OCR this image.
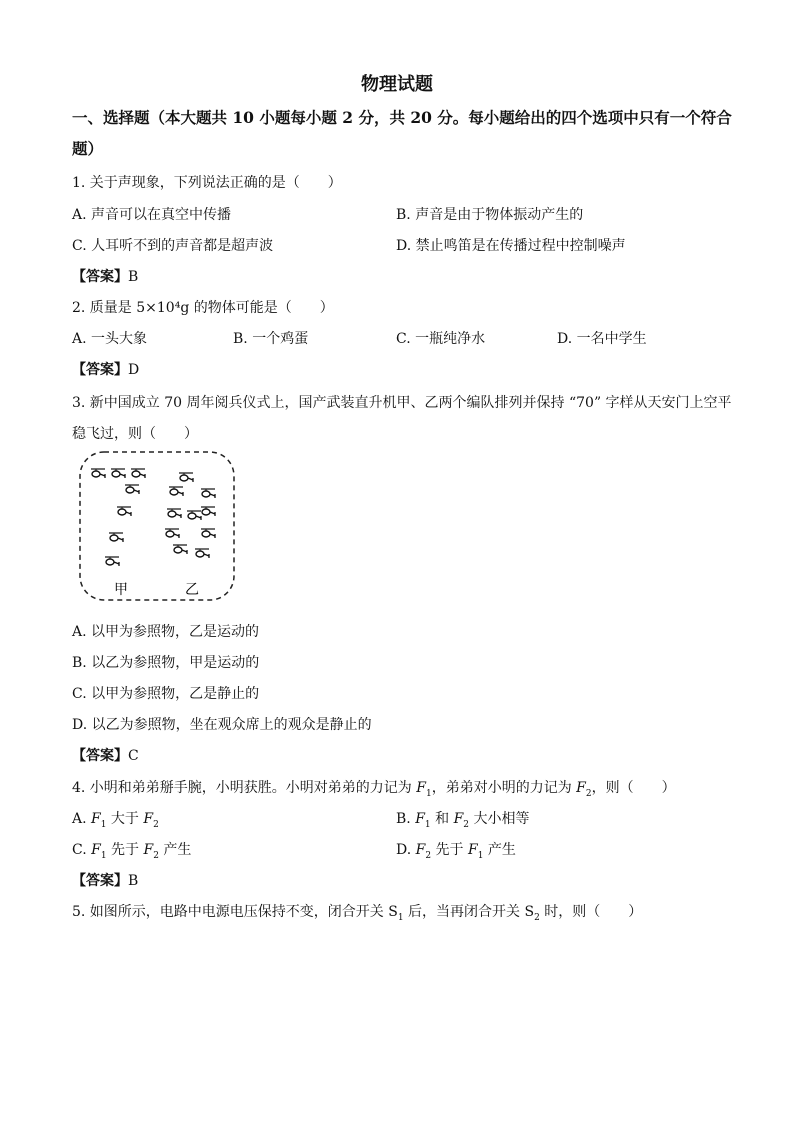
物理试题
一、选择题（本大题共 10 小题每小题 2 分，共 20 分。每小题给出的四个选项中只有一个符合题）
1. 关于声现象，下列说法正确的是（　　）
A. 声音可以在真空中传播	B. 声音是由于物体振动产生的
C. 人耳听不到的声音都是超声波	D. 禁止鸣笛是在传播过程中控制噪声
【答案】B
2. 质量是 5×10⁴g 的物体可能是（　　）
A. 一头大象	B. 一个鸡蛋	C. 一瓶纯净水	D. 一名中学生
【答案】D
3. 新中国成立 70 周年阅兵仪式上，国产武装直升机甲、乙两个编队排列并保持 “70” 字样从天安门上空平
稳飞过，则（　　）
甲	乙
A. 以甲为参照物，乙是运动的
B. 以乙为参照物，甲是运动的
C. 以甲为参照物，乙是静止的
D. 以乙为参照物，坐在观众席上的观众是静止的
【答案】C
4. 小明和弟弟掰手腕，小明获胜。小明对弟弟的力记为 $F_1$，弟弟对小明的力记为 $F_2$，则（　　）
A. $F_1$ 大于 $F_2$	B. $F_1$ 和 $F_2$ 大小相等
C. $F_1$ 先于 $F_2$ 产生	D. $F_2$ 先于 $F_1$ 产生
【答案】B
5. 如图所示，电路中电源电压保持不变，闭合开关 $S_1$ 后，当再闭合开关 $S_2$ 时，则（　　）
